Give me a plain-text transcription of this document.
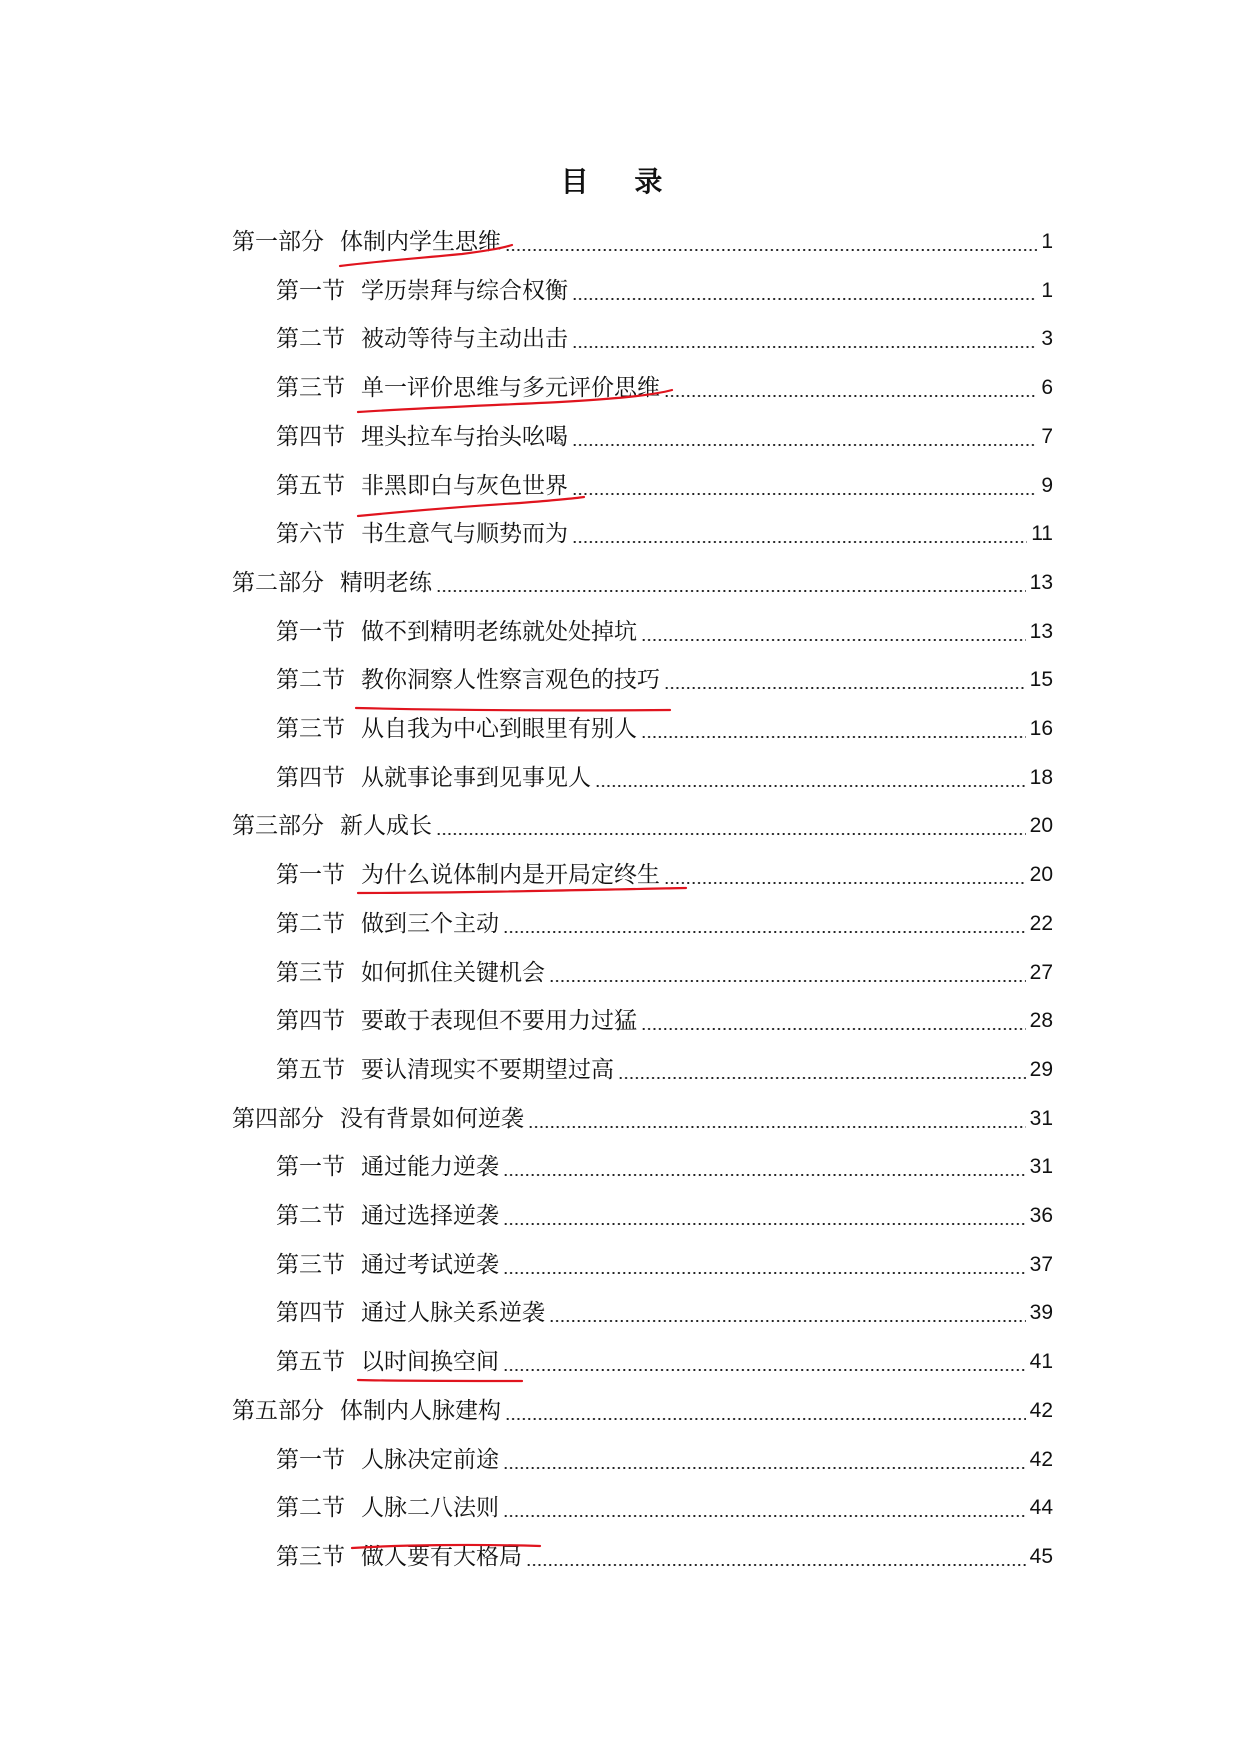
目 录
第一部分 体制内学生思维	1
第一节 学历崇拜与综合权衡	1
第二节 被动等待与主动出击	3
第三节 单一评价思维与多元评价思维	6
第四节 埋头拉车与抬头吆喝	7
第五节 非黑即白与灰色世界	9
第六节 书生意气与顺势而为	11
第二部分 精明老练	13
第一节 做不到精明老练就处处掉坑	13
第二节 教你洞察人性察言观色的技巧	15
第三节 从自我为中心到眼里有别人	16
第四节 从就事论事到见事见人	18
第三部分 新人成长	20
第一节 为什么说体制内是开局定终生	20
第二节 做到三个主动	22
第三节 如何抓住关键机会	27
第四节 要敢于表现但不要用力过猛	28
第五节 要认清现实不要期望过高	29
第四部分 没有背景如何逆袭	31
第一节 通过能力逆袭	31
第二节 通过选择逆袭	36
第三节 通过考试逆袭	37
第四节 通过人脉关系逆袭	39
第五节 以时间换空间	41
第五部分 体制内人脉建构	42
第一节 人脉决定前途	42
第二节 人脉二八法则	44
第三节 做人要有大格局	45
